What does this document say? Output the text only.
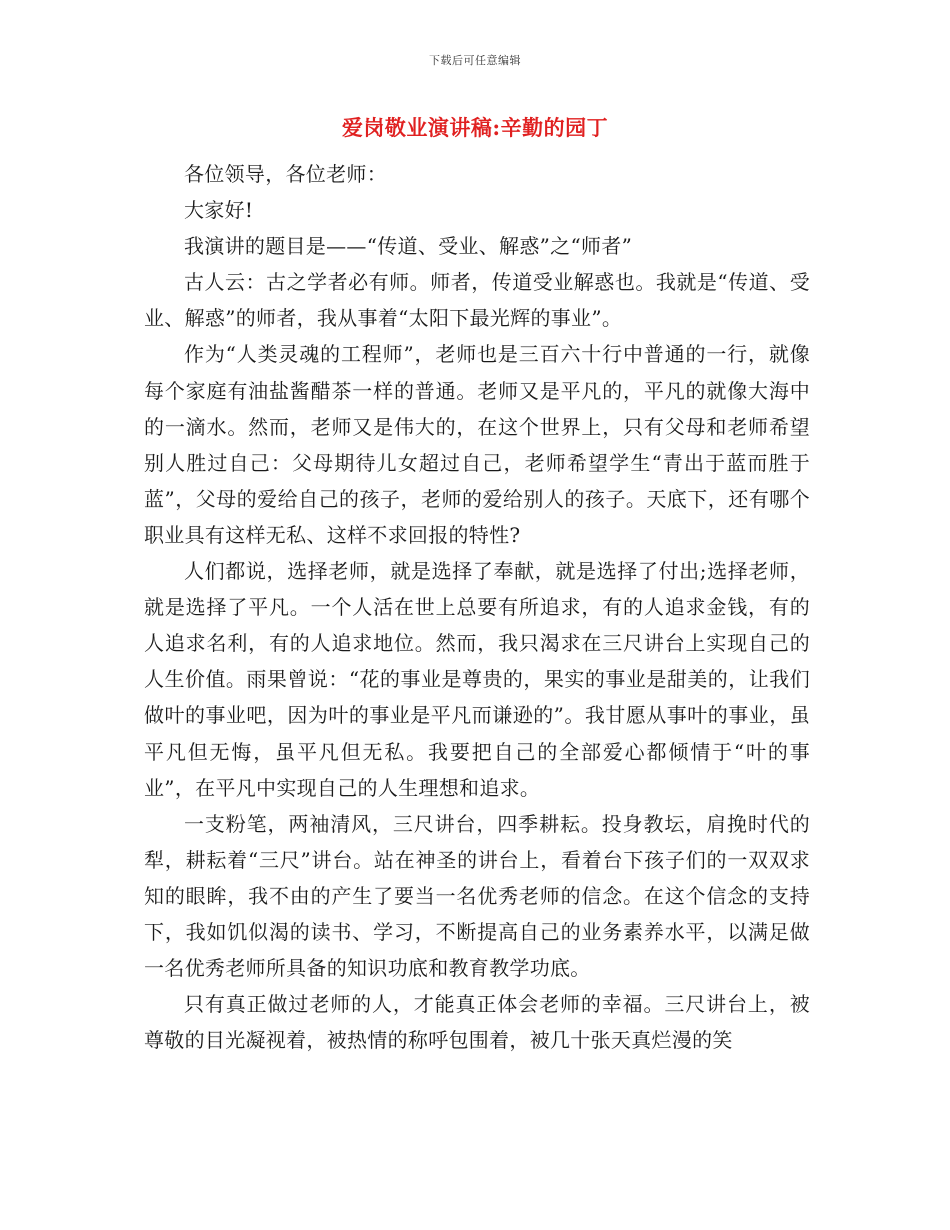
下载后可任意编辑
爱岗敬业演讲稿:辛勤的园丁

各位领导，各位老师：

大家好!

我演讲的题目是——“传道、受业、解惑”之“师者”

古人云：古之学者必有师。师者，传道受业解惑也。我就是“传道、受业、解惑”的师者，我从事着“太阳下最光辉的事业”。

作为“人类灵魂的工程师”，老师也是三百六十行中普通的一行，就像每个家庭有油盐酱醋茶一样的普通。老师又是平凡的，平凡的就像大海中的一滴水。然而，老师又是伟大的，在这个世界上，只有父母和老师希望别人胜过自己：父母期待儿女超过自己，老师希望学生“青出于蓝而胜于蓝”，父母的爱给自己的孩子，老师的爱给别人的孩子。天底下，还有哪个职业具有这样无私、这样不求回报的特性?

人们都说，选择老师，就是选择了奉献，就是选择了付出;选择老师，就是选择了平凡。一个人活在世上总要有所追求，有的人追求金钱，有的人追求名利，有的人追求地位。然而，我只渴求在三尺讲台上实现自己的人生价值。雨果曾说：“花的事业是尊贵的，果实的事业是甜美的，让我们做叶的事业吧，因为叶的事业是平凡而谦逊的”。我甘愿从事叶的事业，虽平凡但无悔，虽平凡但无私。我要把自己的全部爱心都倾情于“叶的事业”，在平凡中实现自己的人生理想和追求。

一支粉笔，两袖清风，三尺讲台，四季耕耘。投身教坛，肩挽时代的犁，耕耘着“三尺”讲台。站在神圣的讲台上，看着台下孩子们的一双双求知的眼眸，我不由的产生了要当一名优秀老师的信念。在这个信念的支持下，我如饥似渴的读书、学习，不断提高自己的业务素养水平，以满足做一名优秀老师所具备的知识功底和教育教学功底。

只有真正做过老师的人，才能真正体会老师的幸福。三尺讲台上，被尊敬的目光凝视着，被热情的称呼包围着，被几十张天真烂漫的笑
